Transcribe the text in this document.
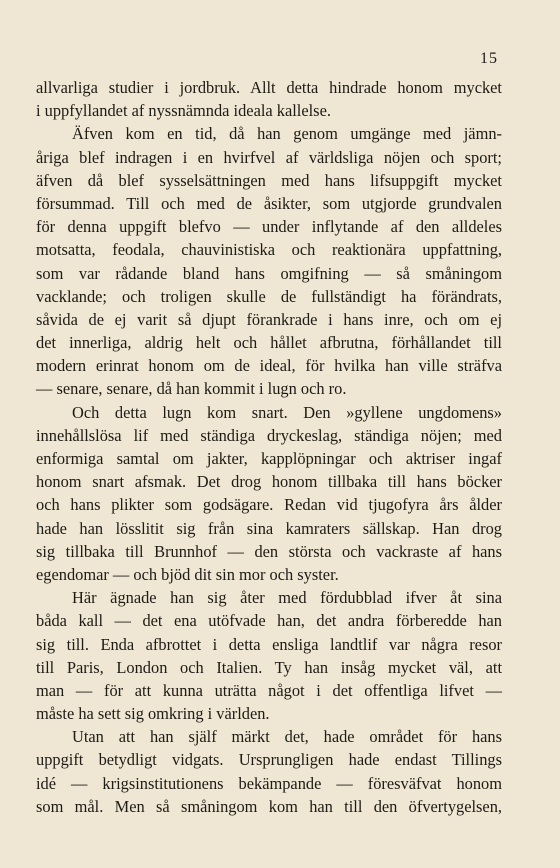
15
allvarliga studier i jordbruk. Allt detta hindrade honom mycket
i uppfyllandet af nyssnämnda ideala kallelse.
Äfven kom en tid, då han genom umgänge med jämn-
åriga blef indragen i en hvirfvel af världsliga nöjen och sport;
äfven då blef sysselsättningen med hans lifsuppgift mycket
försummad. Till och med de åsikter, som utgjorde grundvalen
för denna uppgift blefvo — under inflytande af den alldeles
motsatta, feodala, chauvinistiska och reaktionära uppfattning,
som var rådande bland hans omgifning — så småningom
vacklande; och troligen skulle de fullständigt ha förändrats,
såvida de ej varit så djupt förankrade i hans inre, och om ej
det innerliga, aldrig helt och hållet afbrutna, förhållandet till
modern erinrat honom om de ideal, för hvilka han ville sträfva
— senare, senare, då han kommit i lugn och ro.
Och detta lugn kom snart. Den »gyllene ungdomens»
innehållslösa lif med ständiga dryckeslag, ständiga nöjen; med
enformiga samtal om jakter, kapplöpningar och aktriser ingaf
honom snart afsmak. Det drog honom tillbaka till hans böcker
och hans plikter som godsägare. Redan vid tjugofyra års ålder
hade han lösslitit sig från sina kamraters sällskap. Han drog
sig tillbaka till Brunnhof — den största och vackraste af hans
egendomar — och bjöd dit sin mor och syster.
Här ägnade han sig åter med fördubblad ifver åt sina
båda kall — det ena utöfvade han, det andra förberedde han
sig till. Enda afbrottet i detta ensliga landtlif var några resor
till Paris, London och Italien. Ty han insåg mycket väl, att
man — för att kunna uträtta något i det offentliga lifvet —
måste ha sett sig omkring i världen.
Utan att han själf märkt det, hade området för hans
uppgift betydligt vidgats. Ursprungligen hade endast Tillings
idé — krigsinstitutionens bekämpande — föresväfvat honom
som mål. Men så småningom kom han till den öfvertygelsen,
